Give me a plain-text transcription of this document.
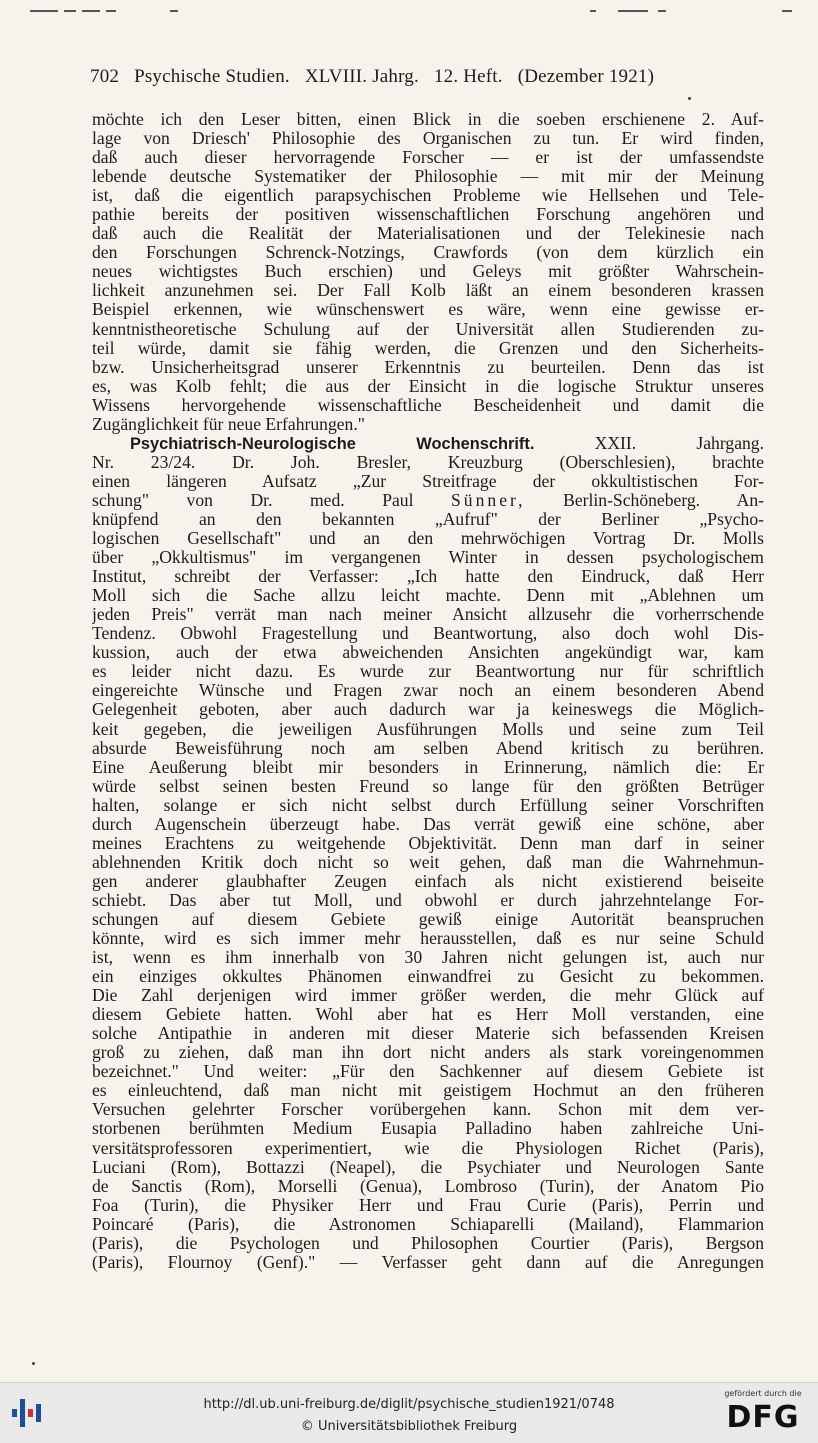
702 Psychische Studien. XLVIII. Jahrg. 12. Heft. (Dezember 1921)
möchte ich den Leser bitten, einen Blick in die soeben erschienene 2. Auf-
lage von Driesch' Philosophie des Organischen zu tun. Er wird finden,
daß auch dieser hervorragende Forscher — er ist der umfassendste
lebende deutsche Systematiker der Philosophie — mit mir der Meinung
ist, daß die eigentlich parapsychischen Probleme wie Hellsehen und Tele-
pathie bereits der positiven wissenschaftlichen Forschung angehören und
daß auch die Realität der Materialisationen und der Telekinesie nach
den Forschungen Schrenck-Notzings, Crawfords (von dem kürzlich ein
neues wichtigstes Buch erschien) und Geleys mit größter Wahrschein-
lichkeit anzunehmen sei. Der Fall Kolb läßt an einem besonderen krassen
Beispiel erkennen, wie wünschenswert es wäre, wenn eine gewisse er-
kenntnistheoretische Schulung auf der Universität allen Studierenden zu-
teil würde, damit sie fähig werden, die Grenzen und den Sicherheits-
bzw. Unsicherheitsgrad unserer Erkenntnis zu beurteilen. Denn das ist
es, was Kolb fehlt; die aus der Einsicht in die logische Struktur unseres
Wissens hervorgehende wissenschaftliche Bescheidenheit und damit die
Zugänglichkeit für neue Erfahrungen."
Psychiatrisch-Neurologische Wochenschrift.	XXII. Jahrgang.
Nr. 23/24. Dr. Joh. Bresler, Kreuzburg (Oberschlesien), brachte
einen längeren Aufsatz „Zur Streitfrage der okkultistischen For-
schung" von Dr. med. Paul Sünner, Berlin-Schöneberg. An-
knüpfend an den bekannten „Aufruf" der Berliner „Psycho-
logischen Gesellschaft" und an den mehrwöchigen Vortrag Dr. Molls
über „Okkultismus" im vergangenen Winter in dessen psychologischem
Institut, schreibt der Verfasser: „Ich hatte den Eindruck, daß Herr
Moll sich die Sache allzu leicht machte. Denn mit „Ablehnen um
jeden Preis" verrät man nach meiner Ansicht allzusehr die vorherrschende
Tendenz. Obwohl Fragestellung und Beantwortung, also doch wohl Dis-
kussion, auch der etwa abweichenden Ansichten angekündigt war, kam
es leider nicht dazu. Es wurde zur Beantwortung nur für schriftlich
eingereichte Wünsche und Fragen zwar noch an einem besonderen Abend
Gelegenheit geboten, aber auch dadurch war ja keineswegs die Möglich-
keit gegeben, die jeweiligen Ausführungen Molls und seine zum Teil
absurde Beweisführung noch am selben Abend kritisch zu berühren.
Eine Aeußerung bleibt mir besonders in Erinnerung, nämlich die: Er
würde selbst seinen besten Freund so lange für den größten Betrüger
halten, solange er sich nicht selbst durch Erfüllung seiner Vorschriften
durch Augenschein überzeugt habe. Das verrät gewiß eine schöne, aber
meines Erachtens zu weitgehende Objektivität. Denn man darf in seiner
ablehnenden Kritik doch nicht so weit gehen, daß man die Wahrnehmun-
gen anderer glaubhafter Zeugen einfach als nicht existierend beiseite
schiebt. Das aber tut Moll, und obwohl er durch jahrzehntelange For-
schungen auf diesem Gebiete gewiß einige Autorität beanspruchen
könnte, wird es sich immer mehr herausstellen, daß es nur seine Schuld
ist, wenn es ihm innerhalb von 30 Jahren nicht gelungen ist, auch nur
ein einziges okkultes Phänomen einwandfrei zu Gesicht zu bekommen.
Die Zahl derjenigen wird immer größer werden, die mehr Glück auf
diesem Gebiete hatten. Wohl aber hat es Herr Moll verstanden, eine
solche Antipathie in anderen mit dieser Materie sich befassenden Kreisen
groß zu ziehen, daß man ihn dort nicht anders als stark voreingenommen
bezeichnet." Und weiter: „Für den Sachkenner auf diesem Gebiete ist
es einleuchtend, daß man nicht mit geistigem Hochmut an den früheren
Versuchen gelehrter Forscher vorübergehen kann. Schon mit dem ver-
storbenen berühmten Medium Eusapia Palladino haben zahlreiche Uni-
versitätsprofessoren experimentiert, wie die Physiologen Richet (Paris),
Luciani (Rom), Bottazzi (Neapel), die Psychiater und Neurologen Sante
de Sanctis (Rom), Morselli (Genua), Lombroso (Turin), der Anatom Pio
Foa (Turin), die Physiker Herr und Frau Curie (Paris), Perrin und
Poincaré (Paris), die Astronomen Schiaparelli (Mailand), Flammarion
(Paris), die Psychologen und Philosophen Courtier (Paris), Bergson
(Paris), Flournoy (Genf)." — Verfasser geht dann auf die Anregungen
http://dl.ub.uni-freiburg.de/diglit/psychische_studien1921/0748
© Universitätsbibliothek Freiburg
gefördert durch die
DFG
